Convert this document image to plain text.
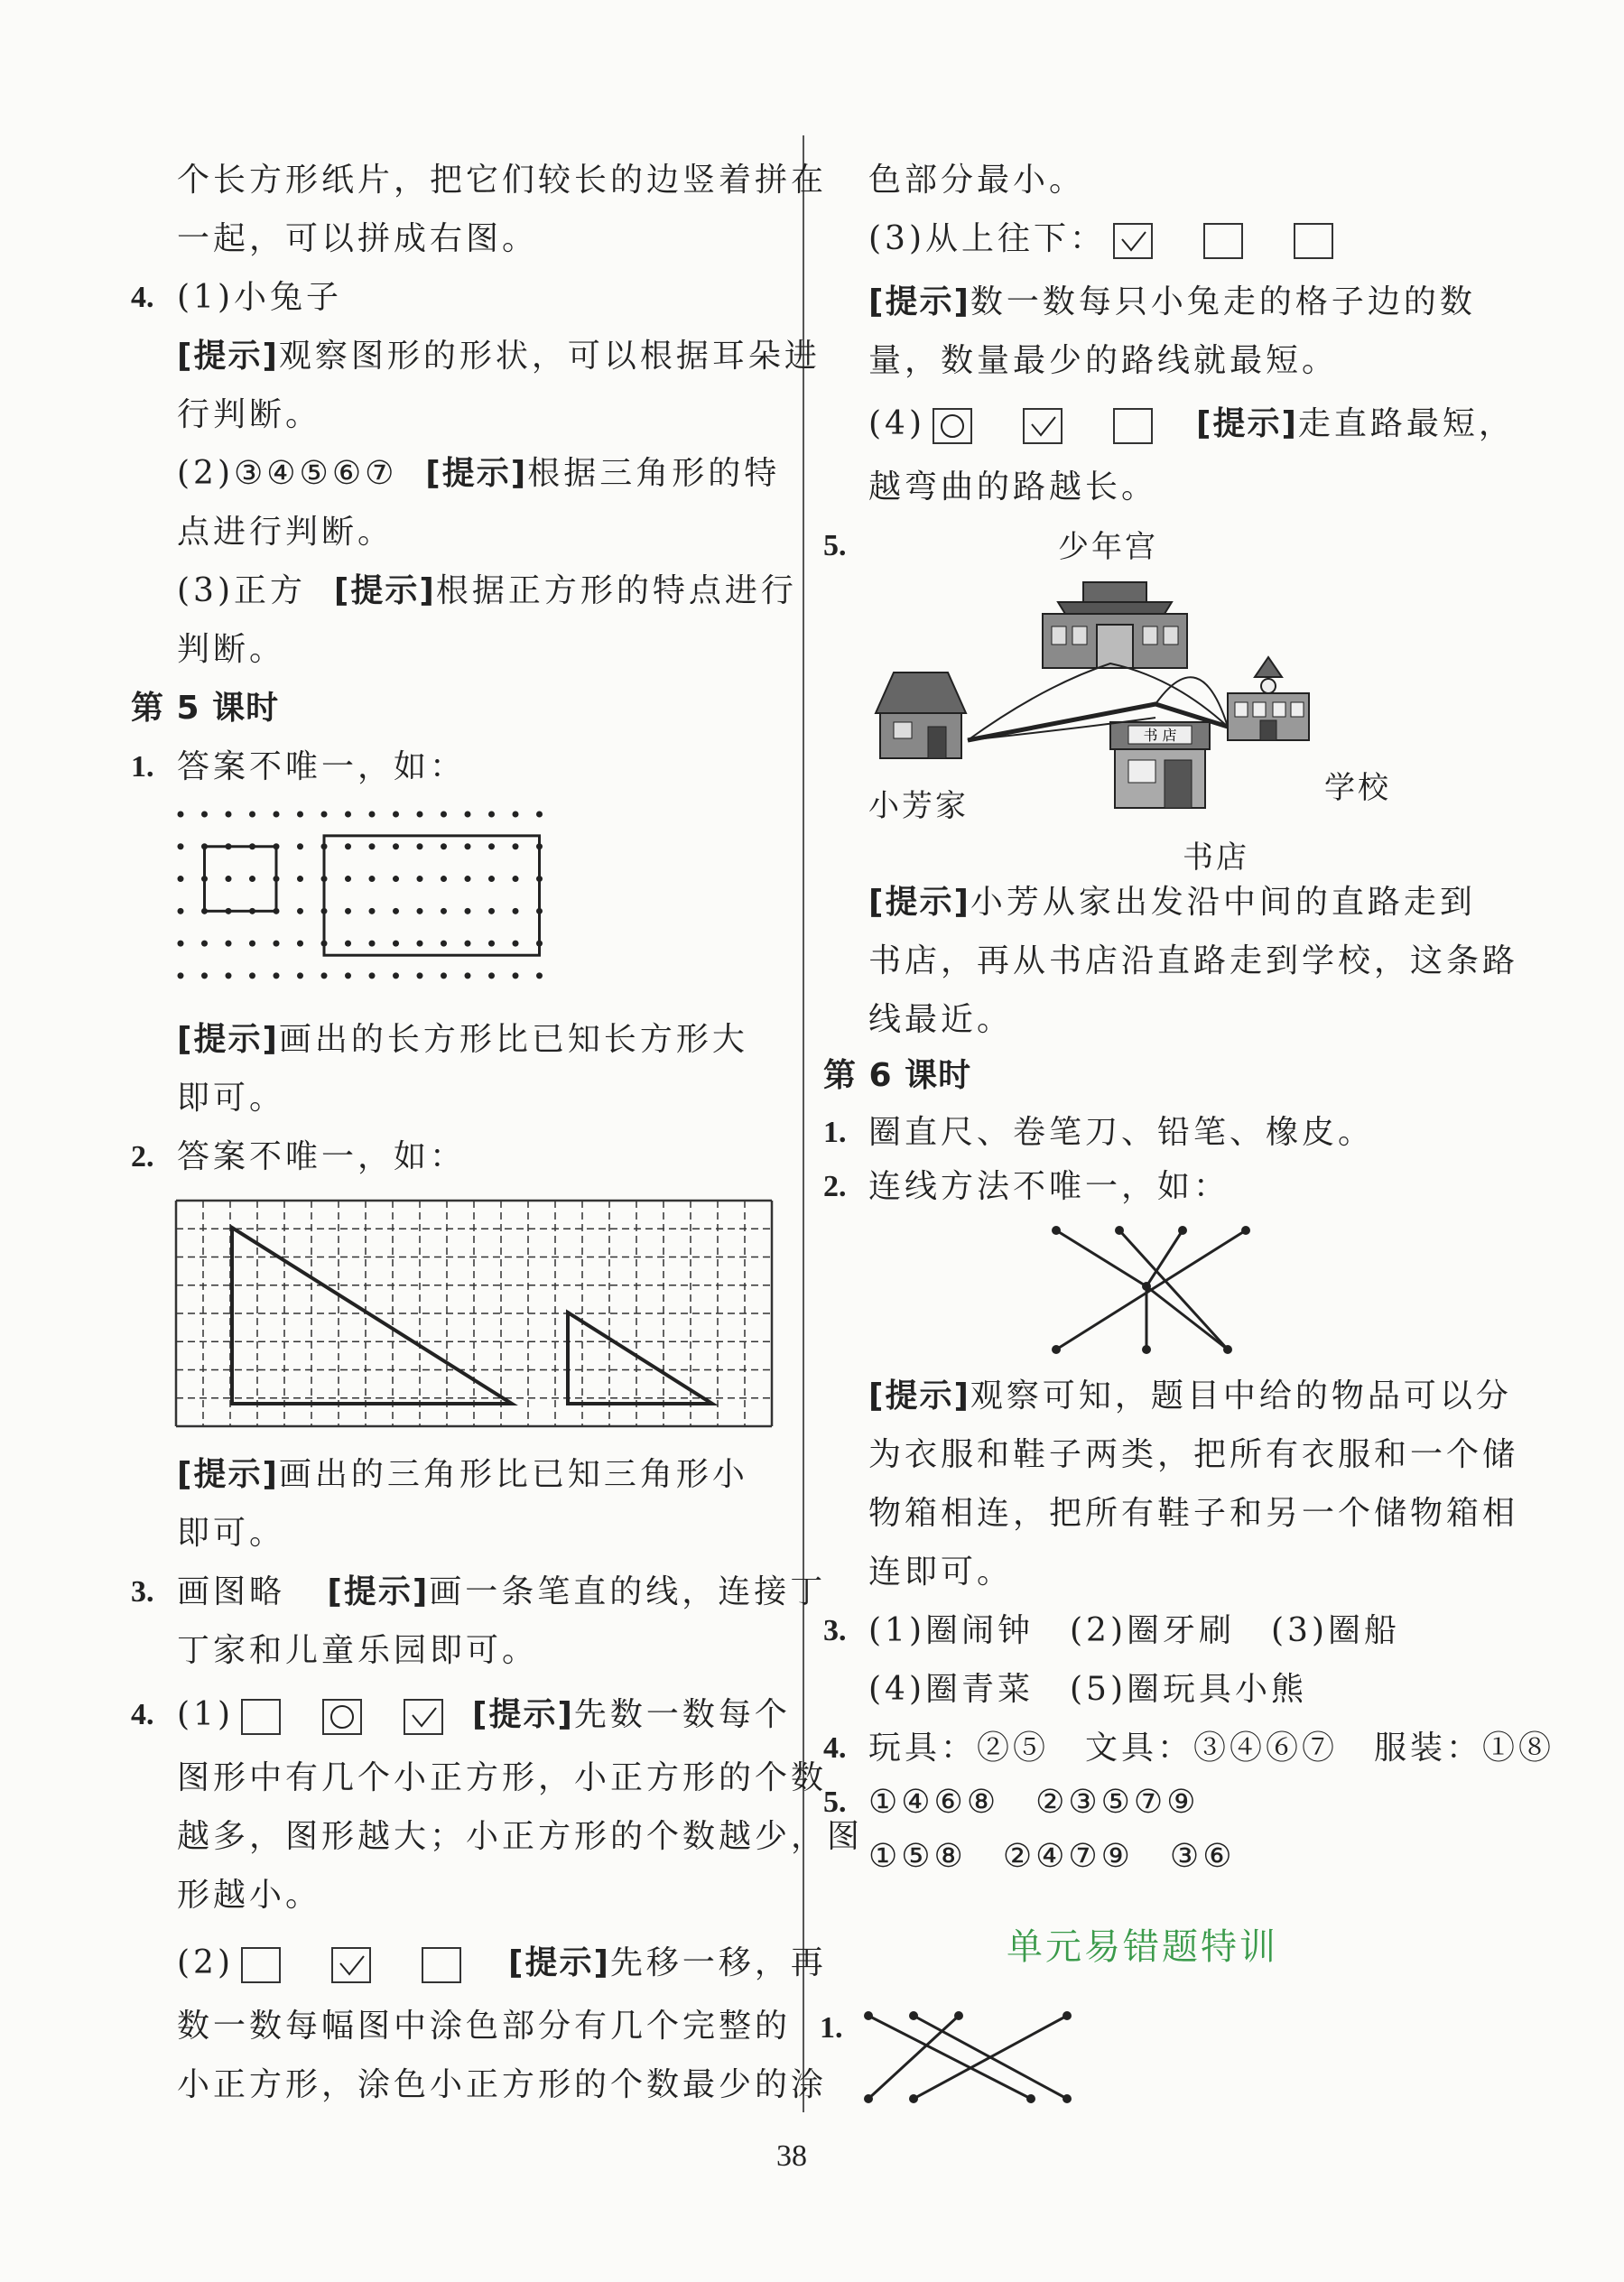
个长方形纸片，把它们较长的边竖着拼在
一起，可以拼成右图。
4. (1)小兔子
[提示]观察图形的形状，可以根据耳朵进
行判断。
(2)③④⑤⑥⑦ [提示]根据三角形的特
点进行判断。
(3)正方 [提示]根据正方形的特点进行
判断。
第 5 课时
1. 答案不唯一，如：
[提示]画出的长方形比已知长方形大
即可。
2. 答案不唯一，如：
[提示]画出的三角形比已知三角形小
即可。
3. 画图略 [提示]画一条笔直的线，连接丁
丁家和儿童乐园即可。
4. (1)	[提示]先数一数每个
图形中有几个小正方形，小正方形的个数
越多，图形越大；小正方形的个数越少，图
形越小。
(2)	[提示]先移一移，再
数一数每幅图中涂色部分有几个完整的
小正方形，涂色小正方形的个数最少的涂
色部分最小。
(3)从上往下：
[提示]数一数每只小兔走的格子边的数
量，数量最少的路线就最短。
(4)	[提示]走直路最短，
越弯曲的路越长。
5.	少年宫
小芳家	学校
书店
书 店
[提示]小芳从家出发沿中间的直路走到
书店，再从书店沿直路走到学校，这条路
线最近。
第 6 课时
1. 圈直尺、卷笔刀、铅笔、橡皮。
2. 连线方法不唯一，如：
[提示]观察可知，题目中给的物品可以分
为衣服和鞋子两类，把所有衣服和一个储
物箱相连，把所有鞋子和另一个储物箱相
连即可。
3. (1)圈闹钟　(2)圈牙刷　(3)圈船
(4)圈青菜　(5)圈玩具小熊
4. 玩具：②⑤　文具：③④⑥⑦　服装：①⑧
5. ①④⑥⑧　②③⑤⑦⑨
①⑤⑧　②④⑦⑨　③⑥
单元易错题特训
1.
38
